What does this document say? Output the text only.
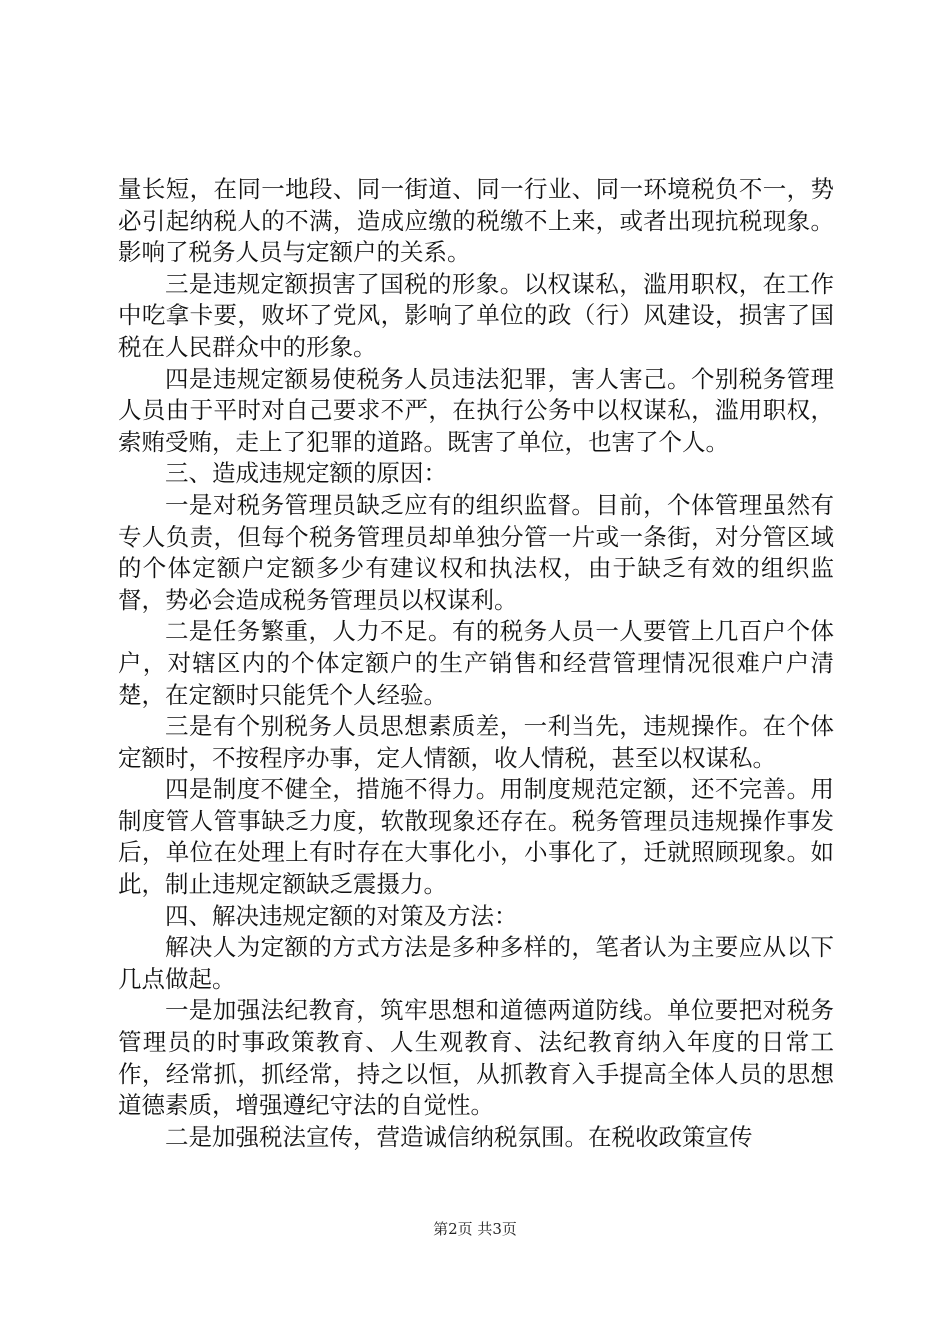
量长短，在同一地段、同一街道、同一行业、同一环境税负不一，势必引起纳税人的不满，造成应缴的税缴不上来，或者出现抗税现象。影响了税务人员与定额户的关系。

三是违规定额损害了国税的形象。以权谋私，滥用职权，在工作中吃拿卡要，败坏了党风，影响了单位的政（行）风建设，损害了国税在人民群众中的形象。

四是违规定额易使税务人员违法犯罪，害人害己。个别税务管理人员由于平时对自己要求不严，在执行公务中以权谋私，滥用职权，索贿受贿，走上了犯罪的道路。既害了单位，也害了个人。

三、造成违规定额的原因：

一是对税务管理员缺乏应有的组织监督。目前，个体管理虽然有专人负责，但每个税务管理员却单独分管一片或一条街，对分管区域的个体定额户定额多少有建议权和执法权，由于缺乏有效的组织监督，势必会造成税务管理员以权谋利。

二是任务繁重，人力不足。有的税务人员一人要管上几百户个体户，对辖区内的个体定额户的生产销售和经营管理情况很难户户清楚，在定额时只能凭个人经验。

三是有个别税务人员思想素质差，一利当先，违规操作。在个体定额时，不按程序办事，定人情额，收人情税，甚至以权谋私。

四是制度不健全，措施不得力。用制度规范定额，还不完善。用制度管人管事缺乏力度，软散现象还存在。税务管理员违规操作事发后，单位在处理上有时存在大事化小，小事化了，迁就照顾现象。如此，制止违规定额缺乏震摄力。

四、解决违规定额的对策及方法：

解决人为定额的方式方法是多种多样的，笔者认为主要应从以下几点做起。

一是加强法纪教育，筑牢思想和道德两道防线。单位要把对税务管理员的时事政策教育、人生观教育、法纪教育纳入年度的日常工作，经常抓，抓经常，持之以恒，从抓教育入手提高全体人员的思想道德素质，增强遵纪守法的自觉性。

二是加强税法宣传，营造诚信纳税氛围。在税收政策宣传

第2页 共3页
